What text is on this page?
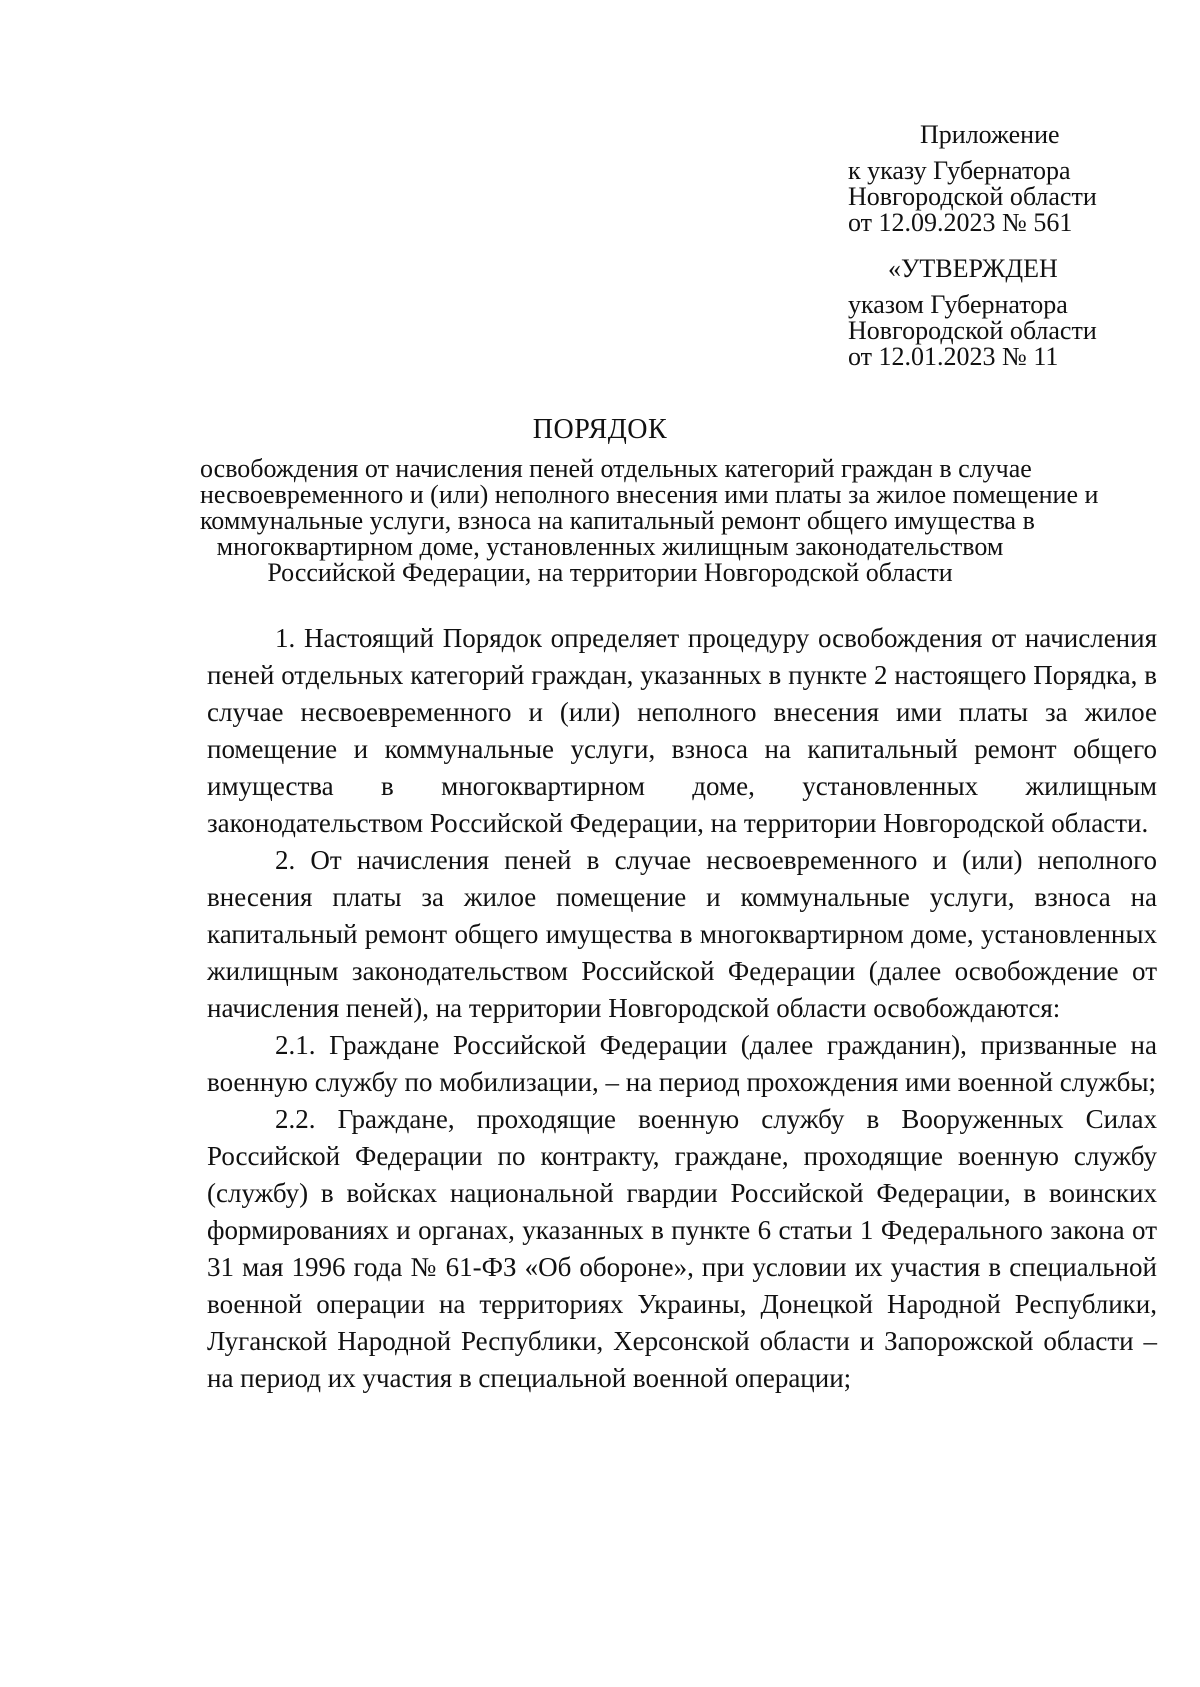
Приложение
к указу Губернатора
Новгородской области
от 12.09.2023 № 561
«УТВЕРЖДЕН
указом Губернатора
Новгородской области
от 12.01.2023 № 11
ПОРЯДОК
освобождения от начисления пеней отдельных категорий граждан в случае
несвоевременного и (или) неполного внесения ими платы за жилое помещение и
коммунальные услуги, взноса на капитальный ремонт общего имущества в
многоквартирном доме, установленных жилищным законодательством
Российской Федерации, на территории Новгородской области

1. Настоящий Порядок определяет процедуру освобождения от начисления пеней отдельных категорий граждан, указанных в пункте 2 настоящего Порядка, в случае несвоевременного и (или) неполного внесения ими платы за жилое помещение и коммунальные услуги, взноса на капитальный ремонт общего имущества в многоквартирном доме, установленных жилищным законодательством Российской Федерации, на территории Новгородской области.

2. От начисления пеней в случае несвоевременного и (или) неполного внесения платы за жилое помещение и коммунальные услуги, взноса на капитальный ремонт общего имущества в многоквартирном доме, установленных жилищным законодательством Российской Федерации (далее освобождение от начисления пеней), на территории Новгородской области освобождаются:

2.1. Граждане Российской Федерации (далее гражданин), призванные на военную службу по мобилизации, – на период прохождения ими военной службы;

2.2. Граждане, проходящие военную службу в Вооруженных Силах Российской Федерации по контракту, граждане, проходящие военную службу (службу) в войсках национальной гвардии Российской Федерации, в воинских формированиях и органах, указанных в пункте 6 статьи 1 Федерального закона от 31 мая 1996 года № 61-ФЗ «Об обороне», при условии их участия в специальной военной операции на территориях Украины, Донецкой Народной Республики, Луганской Народной Республики, Херсонской области и Запорожской области – на период их участия в специальной военной операции;
